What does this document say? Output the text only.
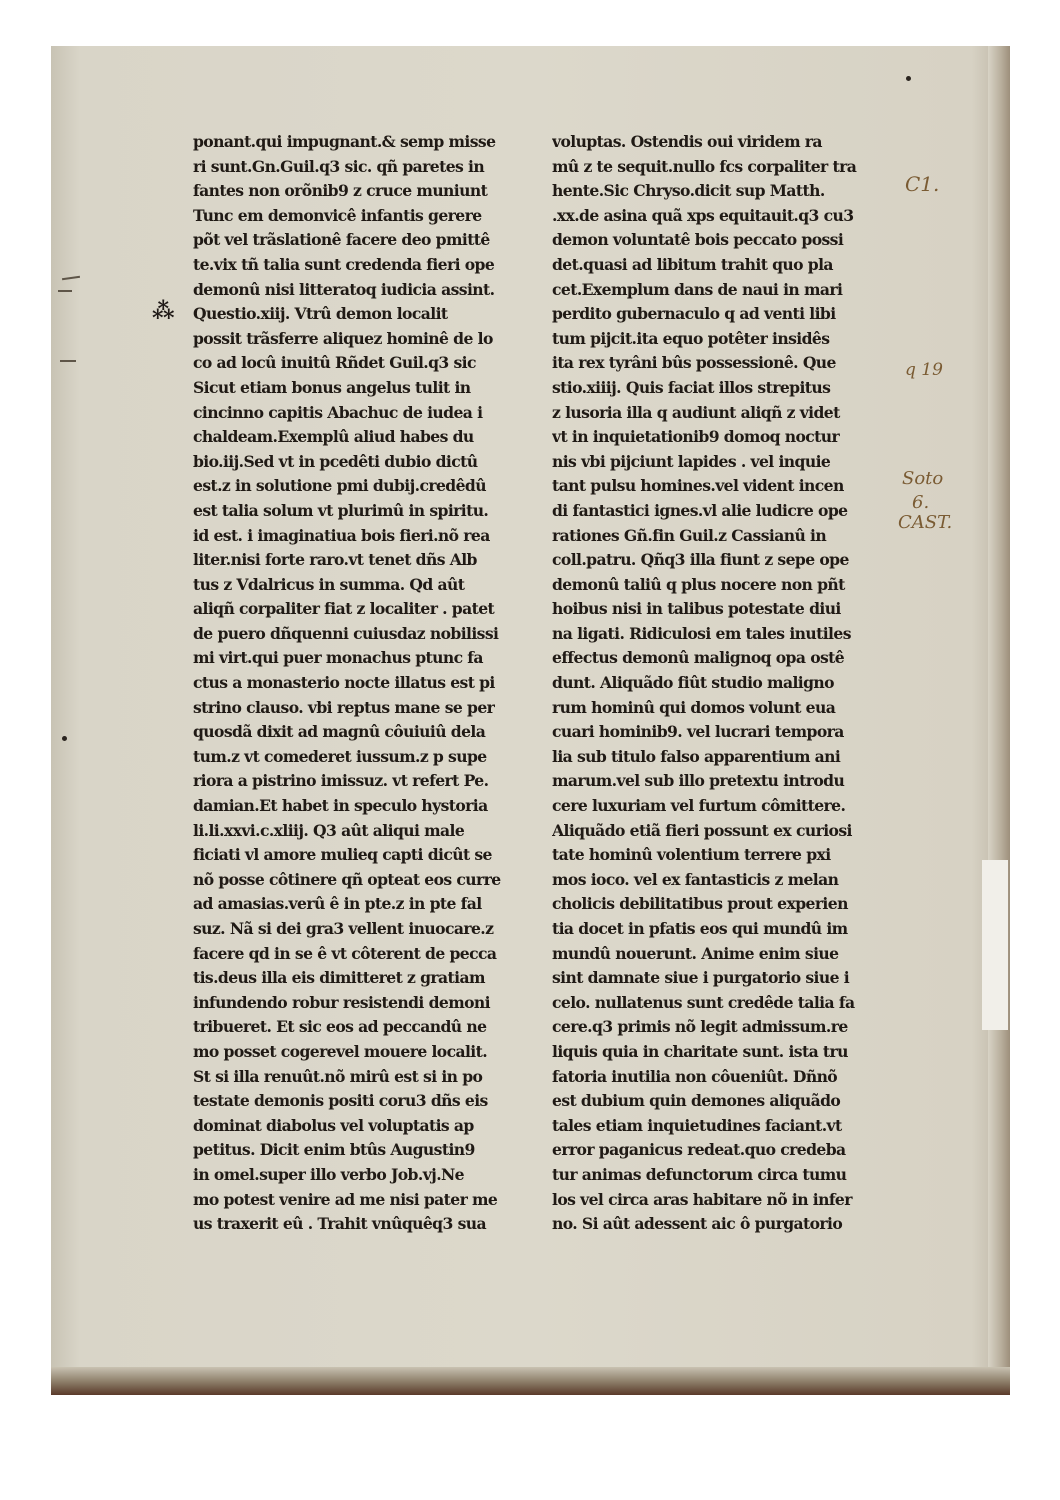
⁂
ponant.qui impugnant.& semp misse
ri sunt.Gn.Guil.q3 sic. qñ paretes in
fantes non orõnib9 z cruce muniunt
Tunc em demonvicê infantis gerere
põt vel trãslationê facere deo pmittê
te.vix tñ talia sunt credenda fieri ope
demonû nisi litteratoq iudicia assint.
Questio.xiij. Vtrû demon localit
possit trãsferre aliquez hominê de lo
co ad locû inuitû Rñdet Guil.q3 sic
Sicut etiam bonus angelus tulit in
cincinno capitis Abachuc de iudea i
chaldeam.Exemplû aliud habes du
bio.iij.Sed vt in pcedêti dubio dictû
est.z in solutione pmi dubij.credêdû
est talia solum vt plurimû in spiritu.
id est. i imaginatiua bois fieri.nõ rea
liter.nisi forte raro.vt tenet dñs Alb
tus z Vdalricus in summa. Qd aût
aliqñ corpaliter fiat z localiter . patet
de puero dñquenni cuiusdaz nobilissi
mi virt.qui puer monachus ptunc fa
ctus a monasterio nocte illatus est pi
strino clauso. vbi reptus mane se per
quosdã dixit ad magnû côuiuiû dela
tum.z vt comederet iussum.z p supe
riora a pistrino imissuz. vt refert Pe.
damian.Et habet in speculo hystoria
li.li.xxvi.c.xliij. Q3 aût aliqui male
ficiati vl amore mulieq capti dicût se
nõ posse côtinere qñ opteat eos curre
ad amasias.verû ê in pte.z in pte fal
suz. Nã si dei gra3 vellent inuocare.z
facere qd in se ê vt côterent de pecca
tis.deus illa eis dimitteret z gratiam
infundendo robur resistendi demoni
tribueret. Et sic eos ad peccandû ne
mo posset cogerevel mouere localit.
St si illa renuût.nõ mirû est si in po
testate demonis positi coru3 dñs eis
dominat diabolus vel voluptatis ap
petitus. Dicit enim btûs Augustin9
in omel.super illo verbo Job.vj.Ne
mo potest venire ad me nisi pater me
us traxerit eû . Trahit vnûquêq3 sua
voluptas. Ostendis oui viridem ra
mû z te sequit.nullo fcs corpaliter tra
hente.Sic Chryso.dicit sup Matth.
.xx.de asina quã xps equitauit.q3 cu3
demon voluntatê bois peccato possi
det.quasi ad libitum trahit quo pla
cet.Exemplum dans de naui in mari
perdito gubernaculo q ad venti libi
tum pijcit.ita equo potêter insidês
ita rex tyrâni bûs possessionê. Que
stio.xiiij. Quis faciat illos strepitus
z lusoria illa q audiunt aliqñ z videt
vt in inquietationib9 domoq noctur
nis vbi pijciunt lapides . vel inquie
tant pulsu homines.vel vident incen
di fantastici ignes.vl alie ludicre ope
rationes Gñ.fin Guil.z Cassianû in
coll.patru. Qñq3 illa fiunt z sepe ope
demonû taliû q plus nocere non pñt
hoibus nisi in talibus potestate diui
na ligati. Ridiculosi em tales inutiles
effectus demonû malignoq opa ostê
dunt. Aliquãdo fiût studio maligno
rum hominû qui domos volunt eua
cuari hominib9. vel lucrari tempora
lia sub titulo falso apparentium ani
marum.vel sub illo pretextu introdu
cere luxuriam vel furtum cômittere.
Aliquãdo etiã fieri possunt ex curiosi
tate hominû volentium terrere pxi
mos ioco. vel ex fantasticis z melan
cholicis debilitatibus prout experien
tia docet in pfatis eos qui mundû im
mundû nouerunt. Anime enim siue
sint damnate siue i purgatorio siue i
celo. nullatenus sunt credêde talia fa
cere.q3 primis nõ legit admissum.re
liquis quia in charitate sunt. ista tru
fatoria inutilia non côueniût. Dñnõ
est dubium quin demones aliquãdo
tales etiam inquietudines faciant.vt
error paganicus redeat.quo credeba
tur animas defunctorum circa tumu
los vel circa aras habitare nõ in infer
no. Si aût adessent aic ô purgatorio
C1.
q 19
Soto
6.
CAST.
